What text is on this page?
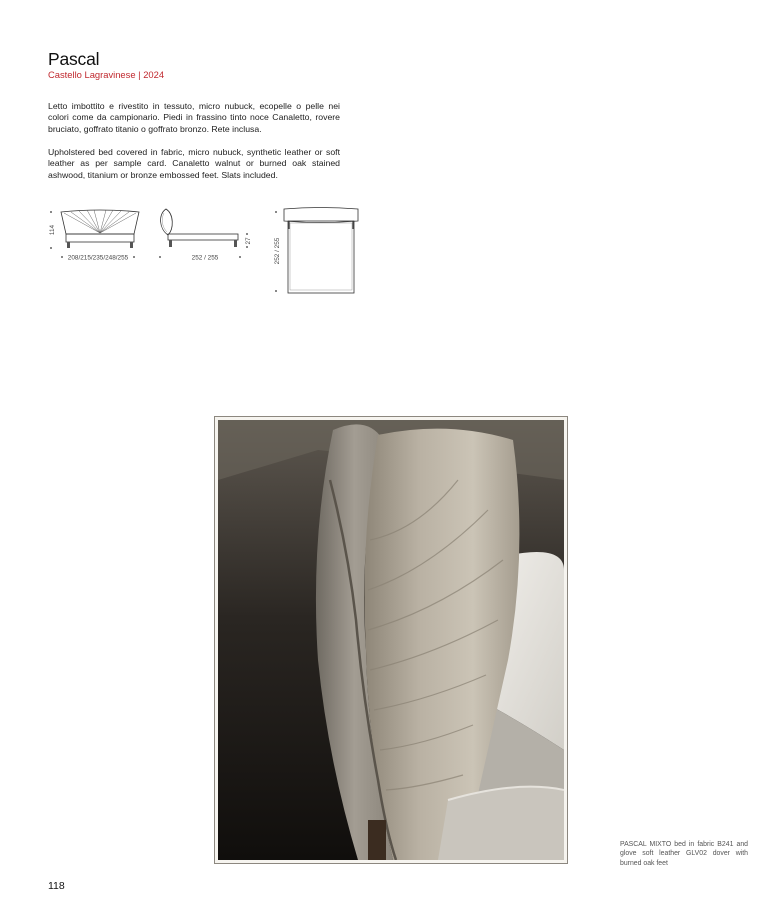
Pascal
Castello Lagravinese | 2024
Letto imbottito e rivestito in tessuto, micro nubuck, ecopelle o pelle nei colori come da campionario. Piedi in frassino tinto noce Canaletto, rovere bruciato, goffrato titanio o goffrato bronzo. Rete inclusa.
Upholstered bed covered in fabric, micro nubuck, synthetic leather or soft leather as per sample card. Canaletto walnut or burned oak stained ashwood, titanium or bronze embossed feet. Slats included.
114
208/215/235/248/255
27
252 / 255	252 / 255
PASCAL MIXTO bed in fabric B241 and glove soft leather GLV02 dover with burned oak feet
118
